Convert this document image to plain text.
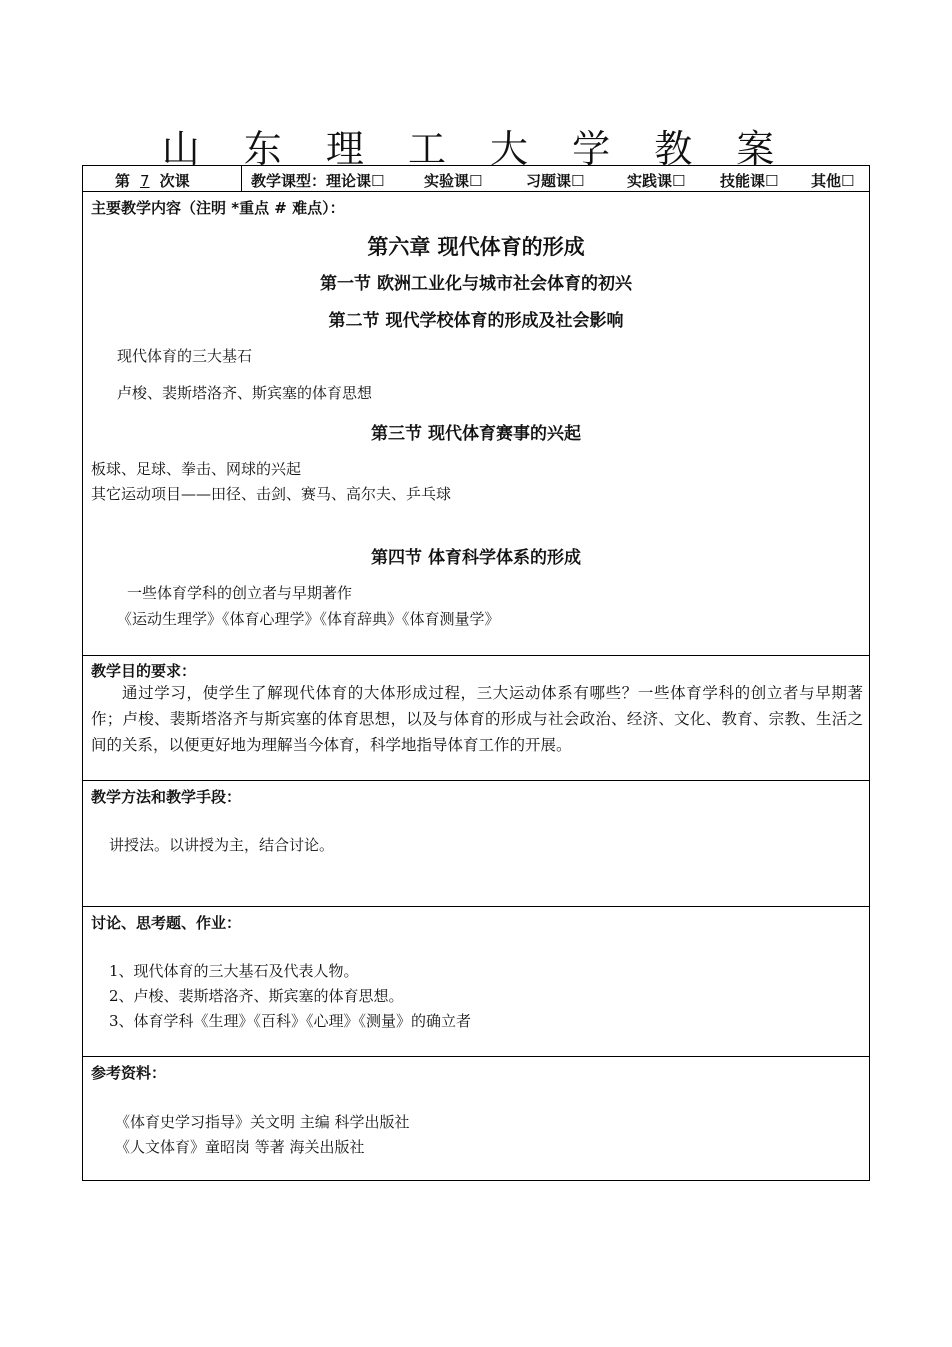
山 东 理 工 大 学 教 案
第 7 次课	教学课型：理论课☐	实验课☐	习题课☐	实践课☐ 技能课☐ 其他☐
主要教学内容（注明 *重点 # 难点）：
第六章 现代体育的形成
第一节 欧洲工业化与城市社会体育的初兴
第二节 现代学校体育的形成及社会影响
现代体育的三大基石
卢梭、裴斯塔洛齐、斯宾塞的体育思想
第三节 现代体育赛事的兴起
板球、足球、拳击、网球的兴起
其它运动项目——田径、击剑、赛马、高尔夫、乒乓球
第四节 体育科学体系的形成
一些体育学科的创立者与早期著作
《运动生理学》《体育心理学》《体育辞典》《体育测量学》
教学目的要求：
通过学习，使学生了解现代体育的大体形成过程，三大运动体系有哪些？一些体育学科的创立者与早期著作；卢梭、裴斯塔洛齐与斯宾塞的体育思想，以及与体育的形成与社会政治、经济、文化、教育、宗教、生活之间的关系，以便更好地为理解当今体育，科学地指导体育工作的开展。
教学方法和教学手段：
讲授法。以讲授为主，结合讨论。
讨论、思考题、作业：
1、现代体育的三大基石及代表人物。
2、卢梭、裴斯塔洛齐、斯宾塞的体育思想。
3、体育学科《生理》《百科》《心理》《测量》的确立者
参考资料：
《体育史学习指导》关文明 主编 科学出版社
《人文体育》童昭岗 等著 海关出版社
